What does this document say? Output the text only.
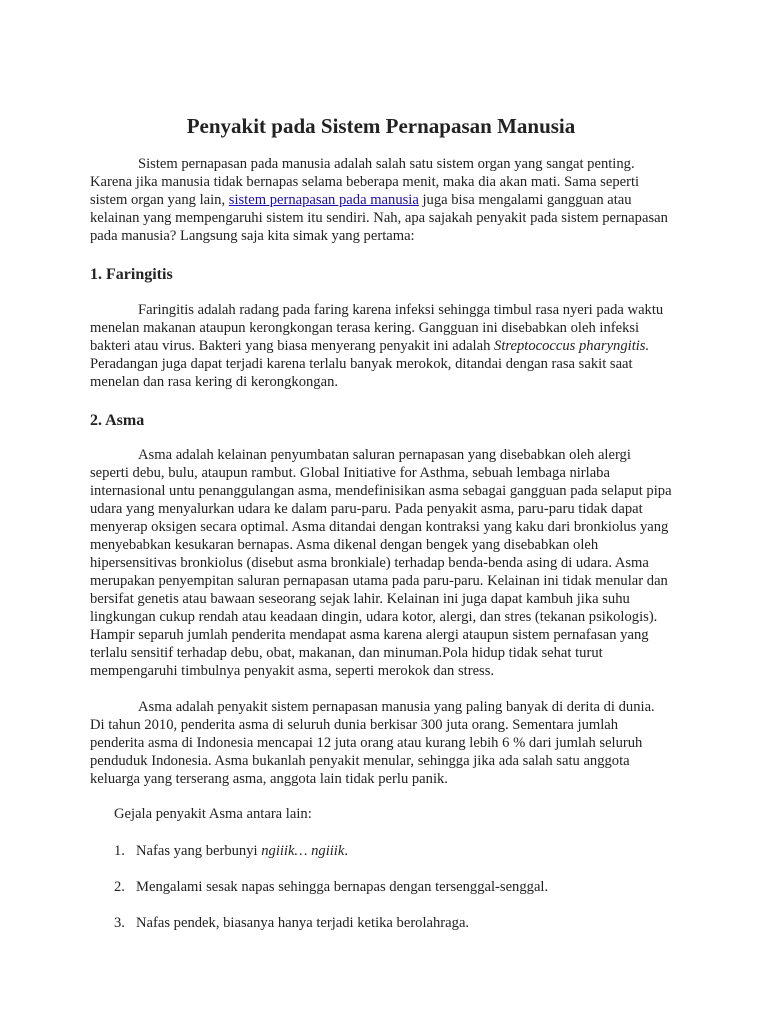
Penyakit pada Sistem Pernapasan Manusia

Sistem pernapasan pada manusia adalah salah satu sistem organ yang sangat penting. Karena jika manusia tidak bernapas selama beberapa menit, maka dia akan mati. Sama seperti sistem organ yang lain, sistem pernapasan pada manusia juga bisa mengalami gangguan atau kelainan yang mempengaruhi sistem itu sendiri. Nah, apa sajakah penyakit pada sistem pernapasan pada manusia? Langsung saja kita simak yang pertama:

1. Faringitis

Faringitis adalah radang pada faring karena infeksi sehingga timbul rasa nyeri pada waktu menelan makanan ataupun kerongkongan terasa kering. Gangguan ini disebabkan oleh infeksi bakteri atau virus. Bakteri yang biasa menyerang penyakit ini adalah Streptococcus pharyngitis. Peradangan juga dapat terjadi karena terlalu banyak merokok, ditandai dengan rasa sakit saat menelan dan rasa kering di kerongkongan.

2. Asma

Asma adalah kelainan penyumbatan saluran pernapasan yang disebabkan oleh alergi seperti debu, bulu, ataupun rambut. Global Initiative for Asthma, sebuah lembaga nirlaba internasional untu penanggulangan asma, mendefinisikan asma sebagai gangguan pada selaput pipa udara yang menyalurkan udara ke dalam paru-paru. Pada penyakit asma, paru-paru tidak dapat menyerap oksigen secara optimal. Asma ditandai dengan kontraksi yang kaku dari bronkiolus yang menyebabkan kesukaran bernapas. Asma dikenal dengan bengek yang disebabkan oleh hipersensitivas bronkiolus (disebut asma bronkiale) terhadap benda-benda asing di udara. Asma merupakan penyempitan saluran pernapasan utama pada paru-paru. Kelainan ini tidak menular dan bersifat genetis atau bawaan seseorang sejak lahir. Kelainan ini juga dapat kambuh jika suhu lingkungan cukup rendah atau keadaan dingin, udara kotor, alergi, dan stres (tekanan psikologis). Hampir separuh jumlah penderita mendapat asma karena alergi ataupun sistem pernafasan yang terlalu sensitif terhadap debu, obat, makanan, dan minuman.Pola hidup tidak sehat turut mempengaruhi timbulnya penyakit asma, seperti merokok dan stress.

Asma adalah penyakit sistem pernapasan manusia yang paling banyak di derita di dunia. Di tahun 2010, penderita asma di seluruh dunia berkisar 300 juta orang. Sementara jumlah penderita asma di Indonesia mencapai 12 juta orang atau kurang lebih 6 % dari jumlah seluruh penduduk Indonesia. Asma bukanlah penyakit menular, sehingga jika ada salah satu anggota keluarga yang terserang asma, anggota lain tidak perlu panik.

Gejala penyakit Asma antara lain:

1. Nafas yang berbunyi ngiiik… ngiiik.

2. Mengalami sesak napas sehingga bernapas dengan tersenggal-senggal.

3. Nafas pendek, biasanya hanya terjadi ketika berolahraga.
